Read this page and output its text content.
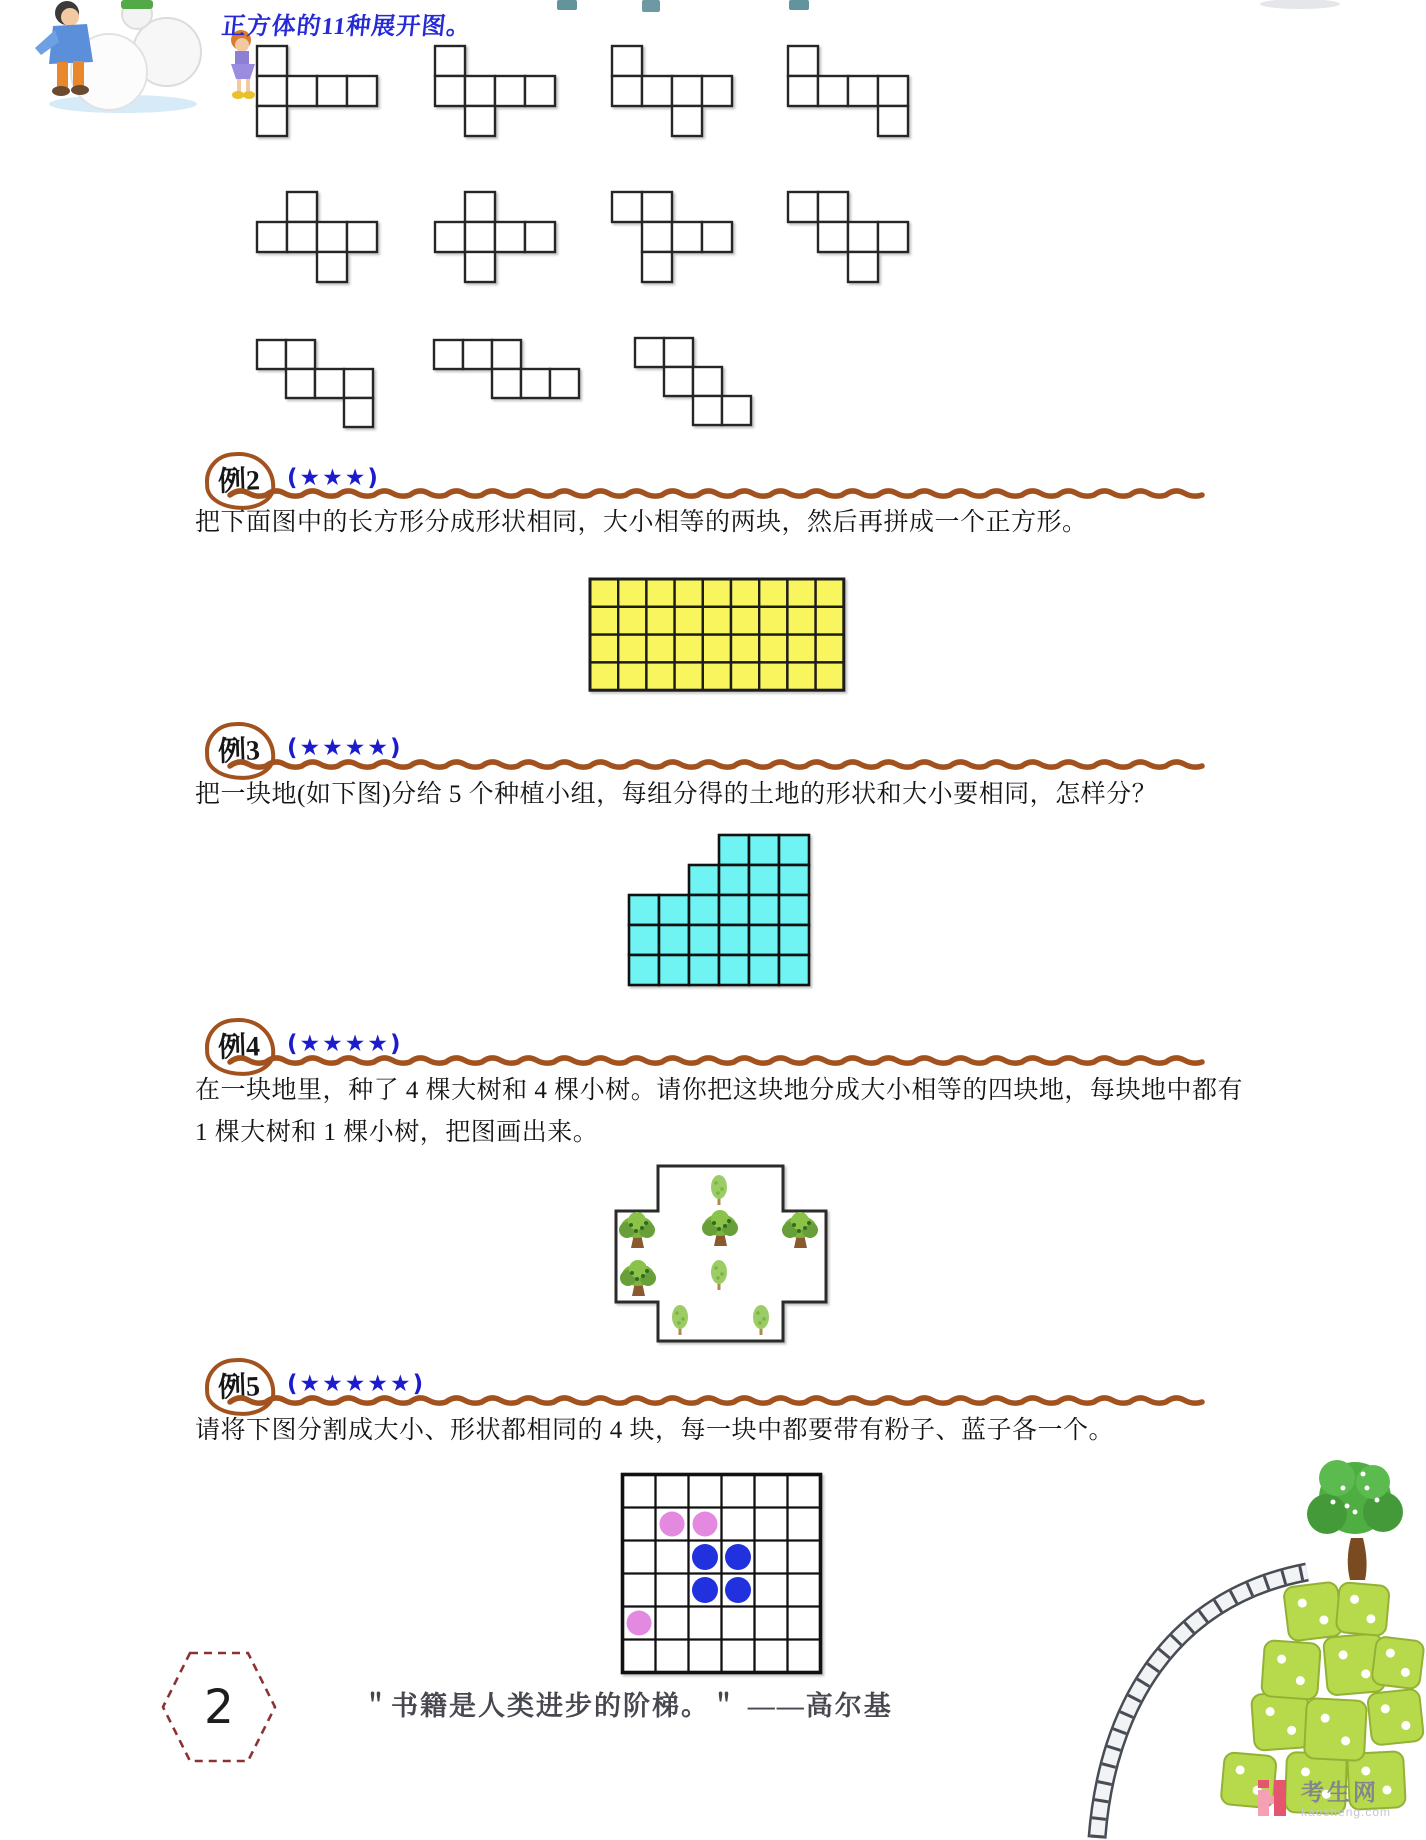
正方体的11种展开图。
例2 (★★★)

把下面图中的长方形分成形状相同，大小相等的两块，然后再拼成一个正方形。

例3 (★★★★)

把一块地(如下图)分给 5 个种植小组，每组分得的土地的形状和大小要相同，怎样分？

例4 (★★★★)

在一块地里，种了 4 棵大树和 4 棵小树。请你把这块地分成大小相等的四块地，每块地中都有 1 棵大树和 1 棵小树，把图画出来。

例5 (★★★★★)

请将下图分割成大小、形状都相同的 4 块，每一块中都要带有粉子、蓝子各一个。

2	＂书籍是人类进步的阶梯。＂ ——高尔基
考生网
kaosheng.com
